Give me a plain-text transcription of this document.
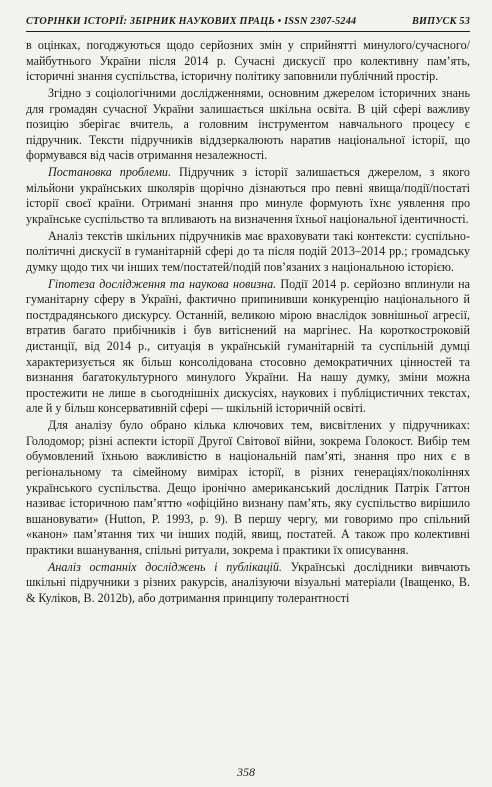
СТОРІНКИ ІСТОРІЇ: ЗБІРНИК НАУКОВИХ ПРАЦЬ • ISSN 2307-5244	ВИПУСК 53

в оцінках, погоджуються щодо серйозних змін у сприйнятті минулого/сучасного/майбутнього України після 2014 р. Сучасні дискусії про колективну пам’ять, історичні знання суспільства, історичну політику заповнили публічний простір.

Згідно з соціологічними дослідженнями, основним джерелом історичних знань для громадян сучасної України залишається шкільна освіта. В цій сфері важливу позицію зберігає вчитель, а головним інструментом навчального процесу є підручник. Тексти підручників віддзеркалюють наратив національної історії, що формувався від часів отримання незалежності.

Постановка проблеми. Підручник з історії залишається джерелом, з якого мільйони українських школярів щорічно дізнаються про певні явища/події/постаті історії своєї країни. Отримані знання про минуле формують їхнє уявлення про українське суспільство та впливають на визначення їхньої національної ідентичності.

Аналіз текстів шкільних підручників має враховувати такі контексти: суспільно-політичні дискусії в гуманітарній сфері до та після подій 2013–2014 рр.; громадську думку щодо тих чи інших тем/постатей/подій пов’язаних з національною історією.

Гіпотеза дослідження та наукова новизна. Події 2014 р. серйозно вплинули на гуманітарну сферу в Україні, фактично припинивши конкуренцію національного й постдрадянського дискурсу. Останній, великою мірою внаслідок зовнішньої агресії, втратив багато прибічників і був витіснений на маргінес. На короткостроковій дистанції, від 2014 р., ситуація в українській гуманітарній та суспільній думці характеризується як більш консолідована стосовно демократичних цінностей та визнання багатокультурного минулого України. На нашу думку, зміни можна простежити не лише в сьогоднішніх дискусіях, наукових і публіцистичних текстах, але й у більш консервативній сфері — шкільній історичній освіті.

Для аналізу було обрано кілька ключових тем, висвітлених у підручниках: Голодомор; різні аспекти історії Другої Світової війни, зокрема Голокост. Вибір тем обумовлений їхньою важливістю в національній пам’яті, знання про них є в регіональному та сімейному вимірах історії, в різних генераціях/поколіннях українського суспільства. Дещо іронічно американський дослідник Патрік Гаттон називає історичною пам’яттю «офіційно визнану пам’ять, яку суспільство вирішило вшановувати» (Hutton, P. 1993, p. 9). В першу чергу, ми говоримо про спільний «канон» пам’ятання тих чи інших подій, явищ, постатей. А також про колективні практики вшанування, спільні ритуали, зокрема і практики їх описування.

Аналіз останніх досліджень і публікацій. Українські дослідники вивчають шкільні підручники з різних ракурсів, аналізуючи візуальні матеріали (Іващенко, В. & Куліков, В. 2012b), або дотримання принципу толерантності

358
